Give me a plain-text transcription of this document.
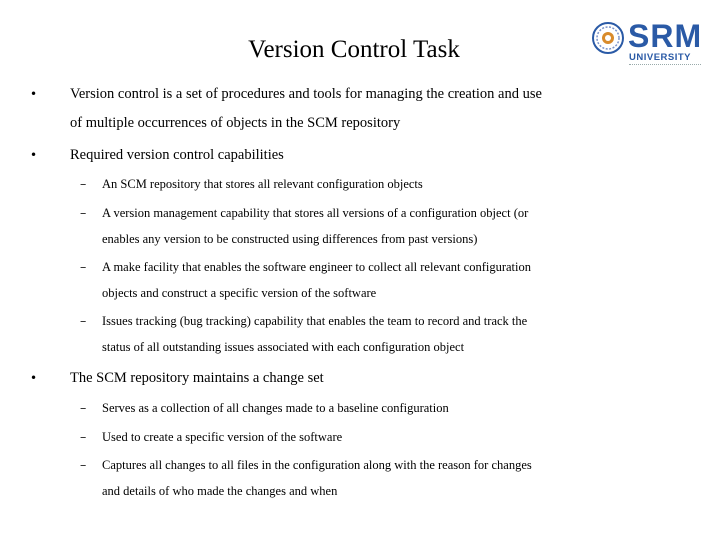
Version Control Task	SRM
UNIVERSITY
• Version control is a set of procedures and tools for managing the creation and use
of multiple occurrences of objects in the SCM repository
• Required version control capabilities
– An SCM repository that stores all relevant configuration objects
– A version management capability that stores all versions of a configuration object (or
enables any version to be constructed using differences from past versions)
– A make facility that enables the software engineer to collect all relevant configuration
objects and construct a specific version of the software
– Issues tracking (bug tracking) capability that enables the team to record and track the
status of all outstanding issues associated with each configuration object
• The SCM repository maintains a change set
– Serves as a collection of all changes made to a baseline configuration
– Used to create a specific version of the software
– Captures all changes to all files in the configuration along with the reason for changes
and details of who made the changes and when
